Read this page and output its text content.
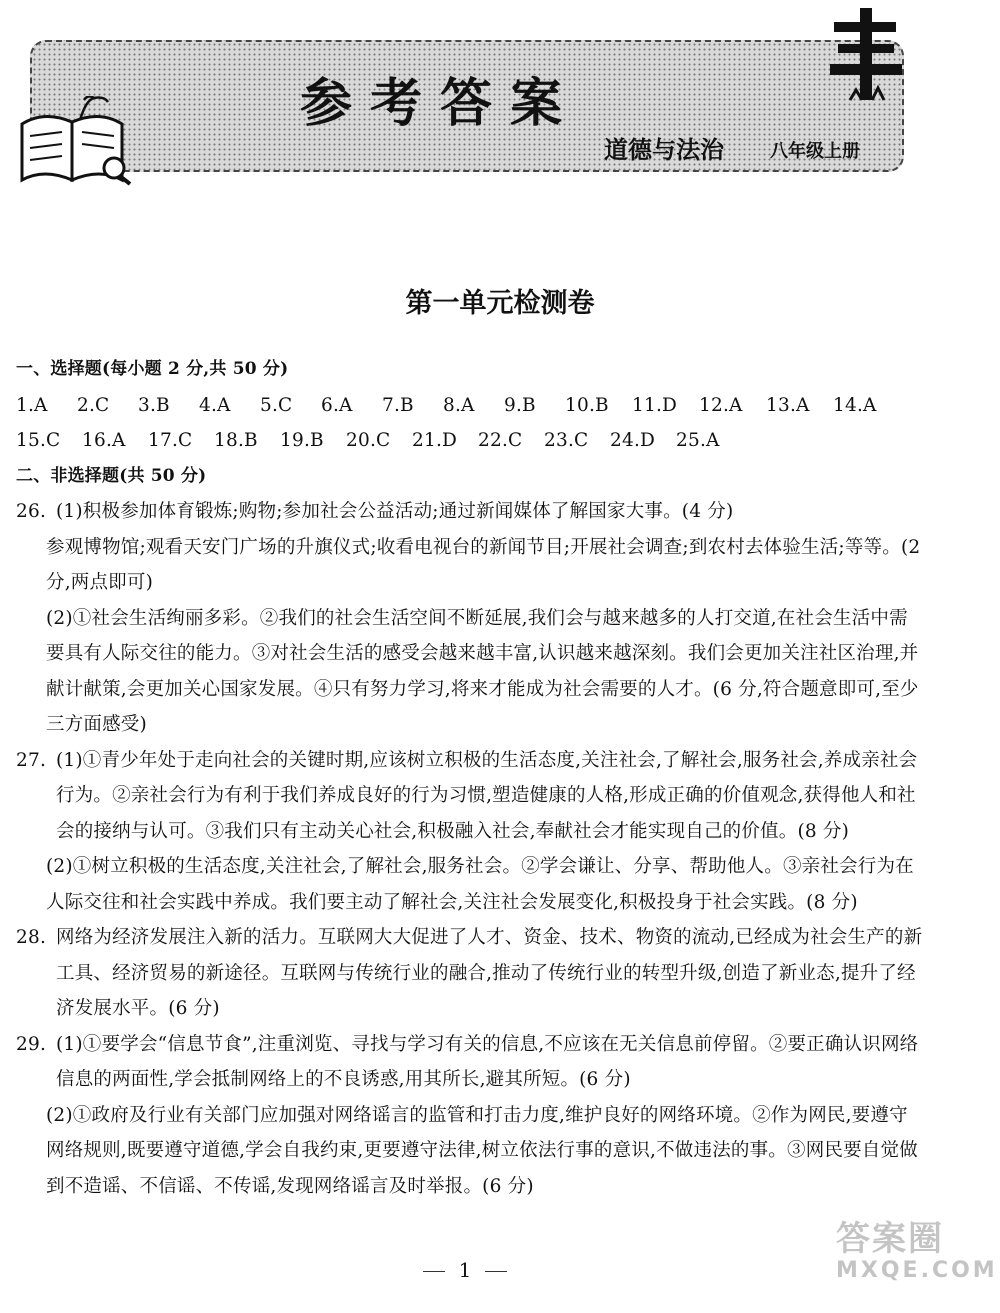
参考答案
道德与法治	八年级上册
第一单元检测卷
一、选择题(每小题 2 分,共 50 分)
1.A	2.C	3.B	4.A	5.C	6.A	7.B	8.A	9.B	10.B	11.D	12.A	13.A	14.A
15.C	16.A	17.C	18.B	19.B	20.C	21.D	22.C	23.C	24.D	25.A
二、非选择题(共 50 分)
26. (1)积极参加体育锻炼;购物;参加社会公益活动;通过新闻媒体了解国家大事。(4 分)
参观博物馆;观看天安门广场的升旗仪式;收看电视台的新闻节目;开展社会调查;到农村去体验生活;等等。(2 分,两点即可)
(2)①社会生活绚丽多彩。②我们的社会生活空间不断延展,我们会与越来越多的人打交道,在社会生活中需要具有人际交往的能力。③对社会生活的感受会越来越丰富,认识越来越深刻。我们会更加关注社区治理,并献计献策,会更加关心国家发展。④只有努力学习,将来才能成为社会需要的人才。(6 分,符合题意即可,至少三方面感受)
27. (1)①青少年处于走向社会的关键时期,应该树立积极的生活态度,关注社会,了解社会,服务社会,养成亲社会行为。②亲社会行为有利于我们养成良好的行为习惯,塑造健康的人格,形成正确的价值观念,获得他人和社会的接纳与认可。③我们只有主动关心社会,积极融入社会,奉献社会才能实现自己的价值。(8 分)
(2)①树立积极的生活态度,关注社会,了解社会,服务社会。②学会谦让、分享、帮助他人。③亲社会行为在人际交往和社会实践中养成。我们要主动了解社会,关注社会发展变化,积极投身于社会实践。(8 分)
28. 网络为经济发展注入新的活力。互联网大大促进了人才、资金、技术、物资的流动,已经成为社会生产的新工具、经济贸易的新途径。互联网与传统行业的融合,推动了传统行业的转型升级,创造了新业态,提升了经济发展水平。(6 分)
29. (1)①要学会“信息节食”,注重浏览、寻找与学习有关的信息,不应该在无关信息前停留。②要正确认识网络信息的两面性,学会抵制网络上的不良诱惑,用其所长,避其所短。(6 分)
(2)①政府及行业有关部门应加强对网络谣言的监管和打击力度,维护良好的网络环境。②作为网民,要遵守网络规则,既要遵守道德,学会自我约束,更要遵守法律,树立依法行事的意识,不做违法的事。③网民要自觉做到不造谣、不信谣、不传谣,发现网络谣言及时举报。(6 分)
1
答案圈
MXQE.COM
